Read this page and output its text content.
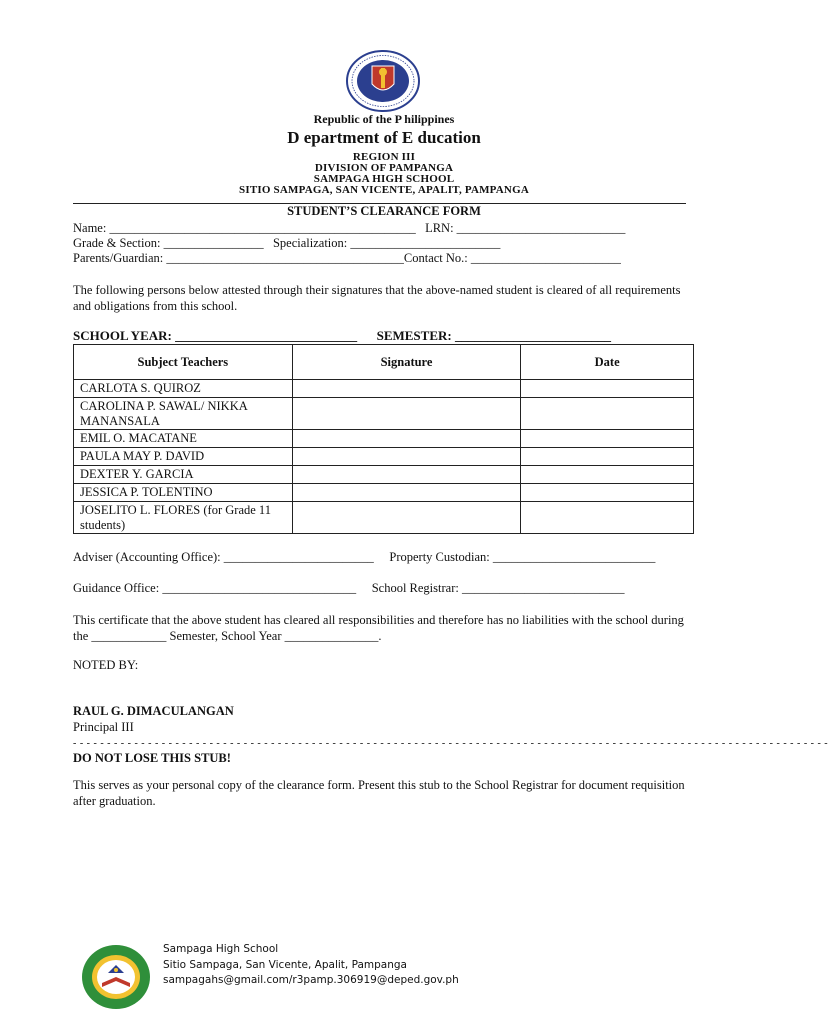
Republic of the P hilippines
D epartment of E ducation
REGION III
DIVISION OF PAMPANGA
SAMPAGA HIGH SCHOOL
SITIO SAMPAGA, SAN VICENTE, APALIT, PAMPANGA
STUDENT’S CLEARANCE FORM
Name: _________________________________________________   LRN: ___________________________
Grade & Section: ________________   Specialization: ________________________
Parents/Guardian: ______________________________________Contact No.: ________________________
The following persons below attested through their signatures that the above-named student is cleared of all requirements and obligations from this school.
SCHOOL YEAR: ____________________________      SEMESTER: ________________________
Subject Teachers	Signature	Date
CARLOTA S. QUIROZ		
CAROLINA P. SAWAL/ NIKKA MANANSALA		
EMIL O. MACATANE		
PAULA MAY P. DAVID		
DEXTER Y. GARCIA		
JESSICA P. TOLENTINO		
JOSELITO L. FLORES (for Grade 11 students)		
Adviser (Accounting Office): ________________________     Property Custodian: __________________________
Guidance Office: _______________________________     School Registrar: __________________________
This certificate that the above student has cleared all responsibilities and therefore has no liabilities with the school during the ____________ Semester, School Year _______________.
NOTED BY:
RAUL G. DIMACULANGAN
Principal III
- - - - - - - - - - - - - - - - - - - - - - - - - - - - - - - - - - - - - - - - - - - - - - - - - - - - - - - - - - - - - - - - - - - - - - - - - - - - - - - - - - - - - - - - - - - - - - - - - - - - - - - - - - - - - - -
DO NOT LOSE THIS STUB!
This serves as your personal copy of the clearance form. Present this stub to the School Registrar for document requisition after graduation.
Sampaga High School
Sitio Sampaga, San Vicente, Apalit, Pampanga
sampagahs@gmail.com/r3pamp.306919@deped.gov.ph
